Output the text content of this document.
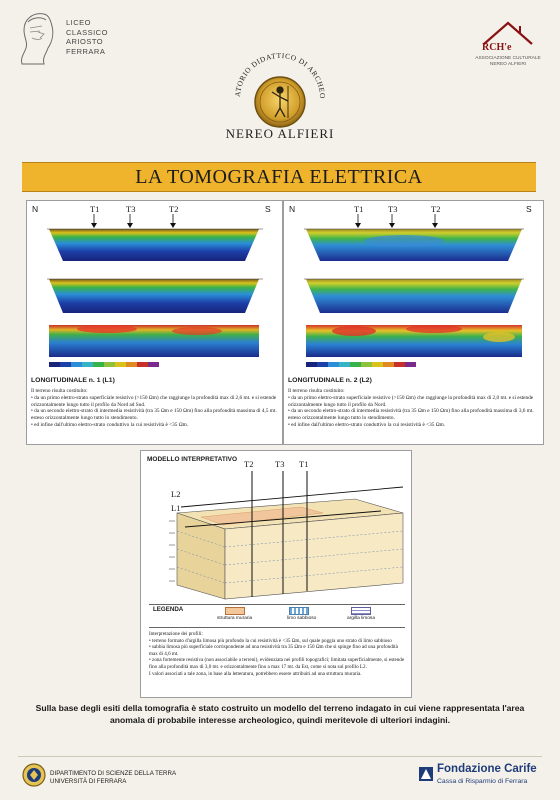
LICEO
CLASSICO
ARIOSTO
FERRARA	RCH'e
ASSOCIAZIONE CULTURALE
NEREO ALFIERI
ATORIO DIDATTICO DI ARCHEO
NEREO ALFIERI
LA TOMOGRAFIA ELETTRICA
N	S
T1	T3	T2
LONGITUDINALE n. 1 (L1)
Il terreno risulta costituito:
• da un primo elettro-strato superficiale resistivo (>150 Ωm) che raggiunge la profondità max di 2,6 mt. e si estende orizzontalmente lungo tutto il profilo da Nord ad Sud.
• da un secondo elettro-strato di intermedia resistività (tra 35 Ωm e 150 Ωm) fino alla profondità massima di 4,5 mt. esteso orizzontalmente lungo tutto lo stendimento.
• ed infine dall'ultimo elettro-strato conduttivo la cui resistività è <35 Ωm.
N	S
T1	T3	T2
LONGITUDINALE n. 2 (L2)
Il terreno risulta costituito:
• da un primo elettro-strato superficiale resistivo (>150 Ωm) che raggiunge la profondità max di 2,0 mt. e si estende orizzontalmente lungo tutto il profilo da Nord.
• da un secondo elettro-strato di intermedia resistività (tra 35 Ωm e 150 Ωm) fino alla profondità massima di 3,6 mt. esteso orizzontalmente lungo tutto lo stendimento.
• ed infine dall'ultimo elettro-strato conduttivo la cui resistività è <35 Ωm.
MODELLO INTERPRETATIVO T2	T3 T1
L2
L1
LEGENDA
struttura muraria	limo sabbioso	argilla limosa
Interpretazione dei profili:
• terreno formato d'argilla limosa più profondo la cui resistività è <35 Ωm, sul quale poggia uno strato di limo sabbioso
• sabbia limosa più superficiale corrispondente ad una resistività tra 35 Ωm e 150 Ωm che si spinge fino ad una profondità max di 4,6 mt.
• zona fortemente resistiva (non associabile a terreni), evidenziata nei profili topografici; limitata superficialmente, si estende fino alla profondità max di 3,0 mt. e orizzontalmente fino a max 17 mt. da Est, come si nota sul profilo L2.
I valori associati a tale zona, in base alla letteratura, potrebbero essere attribuiti ad una struttura muraria.
Sulla base degli esiti della tomografia è stato costruito un modello del terreno indagato in cui viene rappresentata l'area anomala di probabile interesse archeologico, quindi meritevole di ulteriori indagini.
DIPARTIMENTO DI SCIENZE DELLA TERRA
UNIVERSITÀ DI FERRARA
Fondazione Carife
Cassa di Risparmio di Ferrara
